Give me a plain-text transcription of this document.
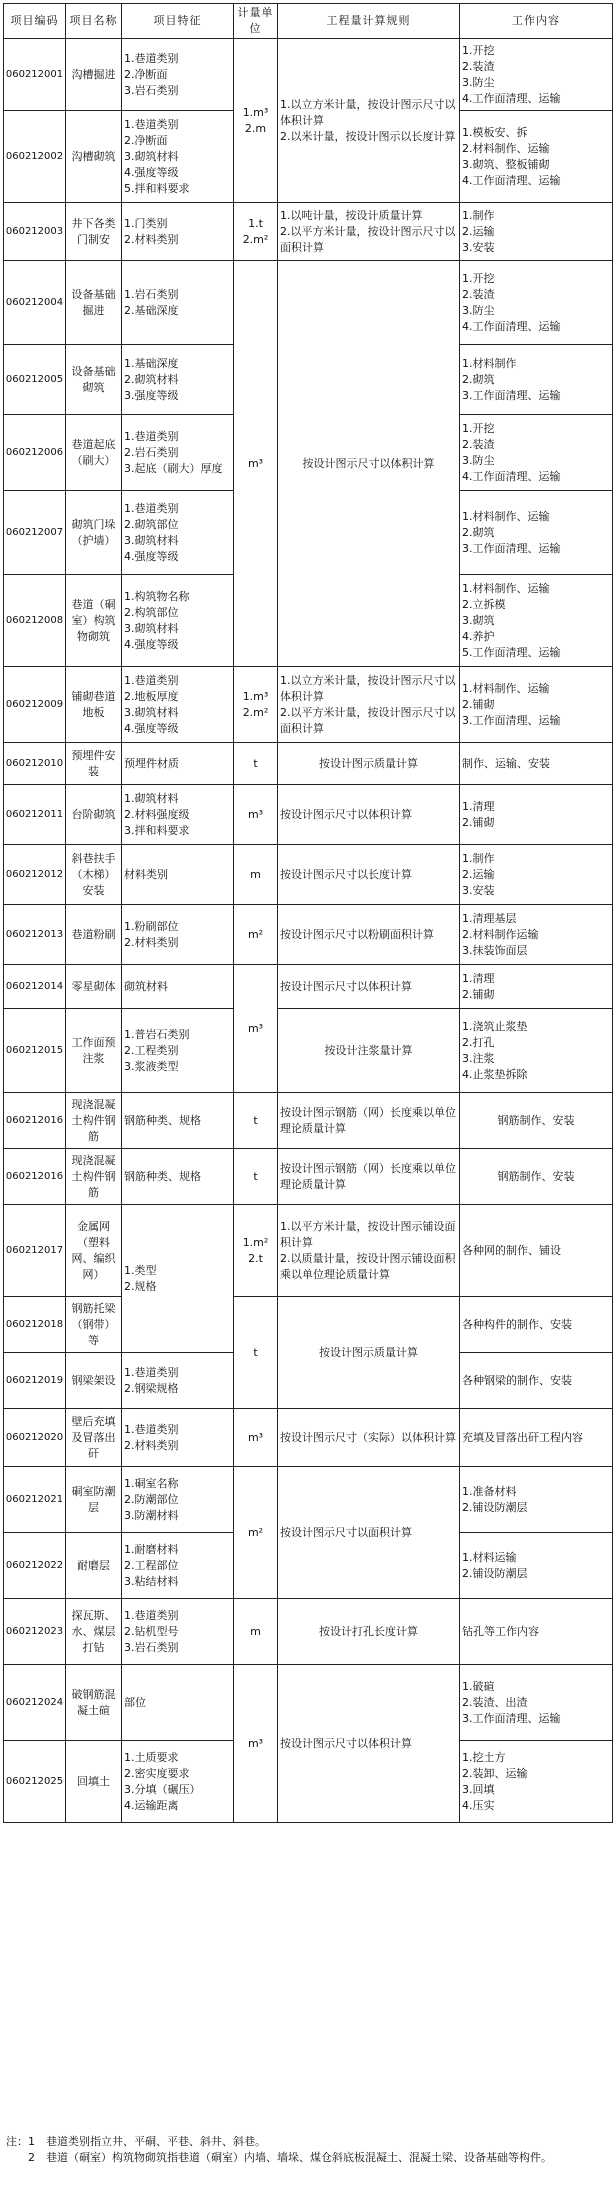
项目编码	项目名称	项目特征	计量单位	工程量计算规则	工作内容
060212001	沟槽掘进	1.巷道类别
2.净断面
3.岩石类别	1.m³
2.m	1.以立方米计量，按设计图示尺寸以体积计算
2.以米计量，按设计图示以长度计算	1.开挖
2.装渣
3.防尘
4.工作面清理、运输
060212002	沟槽砌筑	1.巷道类别
2.净断面
3.砌筑材料
4.强度等级
5.拌和料要求			1.模板安、拆
2.材料制作、运输
3.砌筑、整板铺砌
4.工作面清理、运输
060212003	井下各类门制安	1.门类别
2.材料类别	1.t
2.m²	1.以吨计量，按设计质量计算
2.以平方米计量，按设计图示尺寸以面积计算	1.制作
2.运输
3.安装
060212004	设备基础掘进	1.岩石类别
2.基础深度	m³	按设计图示尺寸以体积计算	1.开挖
2.装渣
3.防尘
4.工作面清理、运输
060212005	设备基础砌筑	1.基础深度
2.砌筑材料
3.强度等级			1.材料制作
2.砌筑
3.工作面清理、运输
060212006	巷道起底（刷大）	1.巷道类别
2.岩石类别
3.起底（刷大）厚度			1.开挖
2.装渣
3.防尘
4.工作面清理、运输
060212007	砌筑门垛（护墙）	1.巷道类别
2.砌筑部位
3.砌筑材料
4.强度等级			1.材料制作、运输
2.砌筑
3.工作面清理、运输
060212008	巷道（硐室）构筑物砌筑	1.构筑物名称
2.构筑部位
3.砌筑材料
4.强度等级			1.材料制作、运输
2.立拆模
3.砌筑
4.养护
5.工作面清理、运输
060212009	铺砌巷道地板	1.巷道类别
2.地板厚度
3.砌筑材料
4.强度等级	1.m³
2.m²	1.以立方米计量，按设计图示尺寸以体积计算
2.以平方米计量，按设计图示尺寸以面积计算	1.材料制作、运输
2.铺砌
3.工作面清理、运输
060212010	预埋件安装	预埋件材质	t	按设计图示质量计算	制作、运输、安装
060212011	台阶砌筑	1.砌筑材料
2.材料强度级
3.拌和料要求	m³	按设计图示尺寸以体积计算	1.清理
2.铺砌
060212012	斜巷扶手（木梯）安装	材料类别	m	按设计图示尺寸以长度计算	1.制作
2.运输
3.安装
060212013	巷道粉刷	1.粉刷部位
2.材料类别	m²	按设计图示尺寸以粉刷面积计算	1.清理基层
2.材料制作运输
3.抹装饰面层
060212014	零星砌体	砌筑材料	m³	按设计图示尺寸以体积计算	1.清理
2.铺砌
060212015	工作面预注浆	1.普岩石类别
2.工程类别
3.浆液类型		按设计注浆量计算	1.浇筑止浆垫
2.打孔
3.注浆
4.止浆垫拆除
060212016	现浇混凝土构件钢筋	钢筋种类、规格	t	按设计图示钢筋（网）长度乘以单位理论质量计算	钢筋制作、安装
060212016	现浇混凝土构件钢筋	钢筋种类、规格	t	按设计图示钢筋（网）长度乘以单位理论质量计算	钢筋制作、安装
060212017	金属网（塑料网、编织网）	1.类型
2.规格	1.m²
2.t	1.以平方米计量，按设计图示铺设面积计算
2.以质量计量，按设计图示铺设面积乘以单位理论质量计算	各种网的制作、铺设
060212018	钢筋托梁（钢带）等		t	按设计图示质量计算	各种构件的制作、安装
060212019	钢梁架设	1.巷道类别
2.钢梁规格			各种钢梁的制作、安装
060212020	壁后充填及冒落出矸	1.巷道类别
2.材料类别	m³	按设计图示尺寸（实际）以体积计算	充填及冒落出矸工程内容
060212021	硐室防潮层	1.硐室名称
2.防潮部位
3.防潮材料	m²	按设计图示尺寸以面积计算	1.准备材料
2.铺设防潮层
060212022	耐磨层	1.耐磨材料
2.工程部位
3.粘结材料			1.材料运输
2.铺设防潮层
060212023	探瓦斯、水、煤层打钻	1.巷道类别
2.钻机型号
3.岩石类别	m	按设计打孔长度计算	钻孔等工作内容
060212024	破钢筋混凝土碹	部位	m³	按设计图示尺寸以体积计算	1.破碹
2.装渣、出渣
3.工作面清理、运输
060212025	回填土	1.土质要求
2.密实度要求
3.分填（碾压）
4.运输距离			1.挖土方
2.装卸、运输
3.回填
4.压实
注：1　巷道类别指立井、平硐、平巷、斜井、斜巷。
　　2　巷道（硐室）构筑物砌筑指巷道（硐室）内墙、墙垛、煤仓斜底板混凝土、混凝土梁、设备基础等构件。
